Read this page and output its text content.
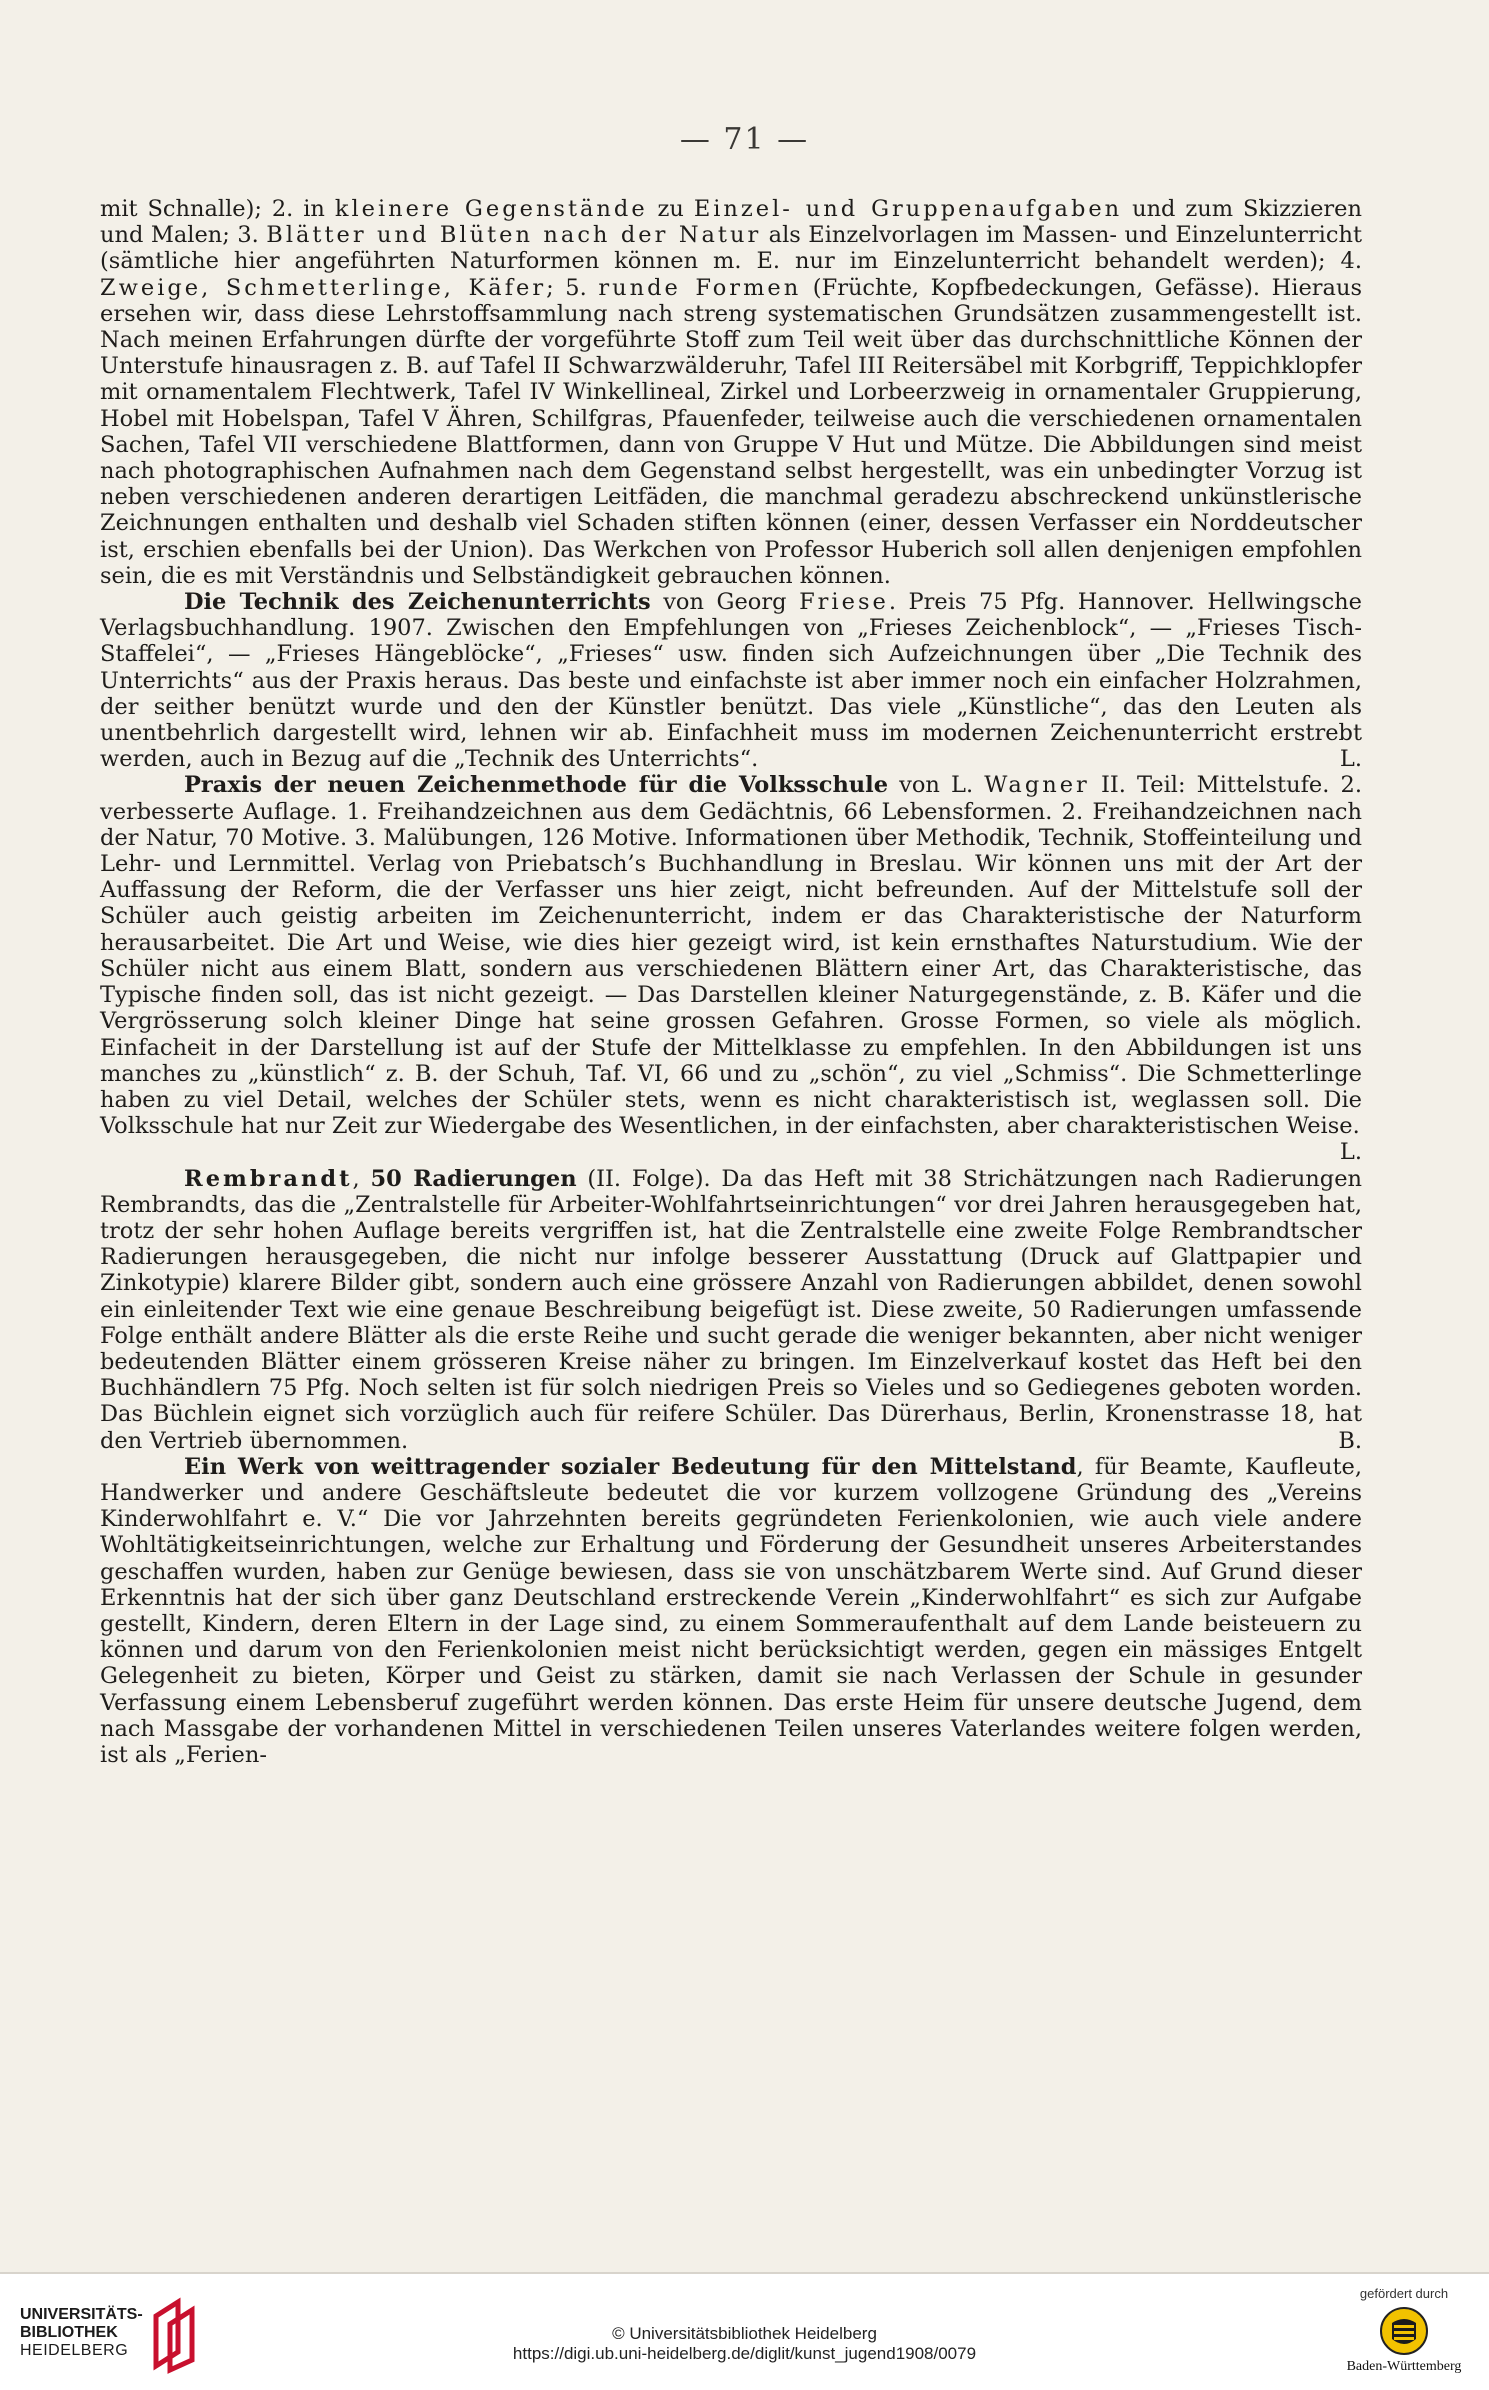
— 71 —

mit Schnalle); 2. in kleinere Gegenstände zu Einzel- und Gruppenaufgaben und zum Skizzieren und Malen; 3. Blätter und Blüten nach der Natur als Einzelvorlagen im Massen- und Einzelunterricht (sämtliche hier angeführten Naturformen können m. E. nur im Einzelunterricht behandelt werden); 4. Zweige, Schmetterlinge, Käfer; 5. runde Formen (Früchte, Kopfbedeckungen, Gefässe). Hieraus ersehen wir, dass diese Lehrstoffsammlung nach streng systematischen Grundsätzen zusammengestellt ist. Nach meinen Erfahrungen dürfte der vorgeführte Stoff zum Teil weit über das durchschnittliche Können der Unterstufe hinausragen z. B. auf Tafel II Schwarzwälderuhr, Tafel III Reitersäbel mit Korbgriff, Teppichklopfer mit ornamentalem Flechtwerk, Tafel IV Winkellineal, Zirkel und Lorbeerzweig in ornamentaler Gruppierung, Hobel mit Hobelspan, Tafel V Ähren, Schilfgras, Pfauenfeder, teilweise auch die verschiedenen ornamentalen Sachen, Tafel VII verschiedene Blattformen, dann von Gruppe V Hut und Mütze. Die Abbildungen sind meist nach photographischen Aufnahmen nach dem Gegenstand selbst hergestellt, was ein unbedingter Vorzug ist neben verschiedenen anderen derartigen Leitfäden, die manchmal geradezu abschreckend unkünstlerische Zeichnungen enthalten und deshalb viel Schaden stiften können (einer, dessen Verfasser ein Norddeutscher ist, erschien ebenfalls bei der Union). Das Werkchen von Professor Huberich soll allen denjenigen empfohlen sein, die es mit Verständnis und Selbständigkeit gebrauchen können.

Die Technik des Zeichenunterrichts von Georg Friese. Preis 75 Pfg. Hannover. Hellwingsche Verlagsbuchhandlung. 1907. Zwischen den Empfehlungen von „Frieses Zeichenblock“, — „Frieses Tisch-Staffelei“, — „Frieses Hängeblöcke“, „Frieses“ usw. finden sich Aufzeichnungen über „Die Technik des Unterrichts“ aus der Praxis heraus. Das beste und einfachste ist aber immer noch ein einfacher Holzrahmen, der seither benützt wurde und den der Künstler benützt. Das viele „Künstliche“, das den Leuten als unentbehrlich dargestellt wird, lehnen wir ab. Einfachheit muss im modernen Zeichenunterricht erstrebt werden, auch in Bezug auf die „Technik des Unterrichts“.	L.

Praxis der neuen Zeichenmethode für die Volksschule von L. Wagner II. Teil: Mittelstufe. 2. verbesserte Auflage. 1. Freihandzeichnen aus dem Gedächtnis, 66 Lebensformen. 2. Freihandzeichnen nach der Natur, 70 Motive. 3. Malübungen, 126 Motive. Informationen über Methodik, Technik, Stoffeinteilung und Lehr- und Lernmittel. Verlag von Priebatsch’s Buchhandlung in Breslau. Wir können uns mit der Art der Auffassung der Reform, die der Verfasser uns hier zeigt, nicht befreunden. Auf der Mittelstufe soll der Schüler auch geistig arbeiten im Zeichenunterricht, indem er das Charakteristische der Naturform herausarbeitet. Die Art und Weise, wie dies hier gezeigt wird, ist kein ernsthaftes Naturstudium. Wie der Schüler nicht aus einem Blatt, sondern aus verschiedenen Blättern einer Art, das Charakteristische, das Typische finden soll, das ist nicht gezeigt. — Das Darstellen kleiner Naturgegenstände, z. B. Käfer und die Vergrösserung solch kleiner Dinge hat seine grossen Gefahren. Grosse Formen, so viele als möglich. Einfacheit in der Darstellung ist auf der Stufe der Mittelklasse zu empfehlen. In den Abbildungen ist uns manches zu „künstlich“ z. B. der Schuh, Taf. VI, 66 und zu „schön“, zu viel „Schmiss“. Die Schmetterlinge haben zu viel Detail, welches der Schüler stets, wenn es nicht charakteristisch ist, weglassen soll. Die Volksschule hat nur Zeit zur Wiedergabe des Wesentlichen, in der einfachsten, aber charakteristischen Weise.
L.

Rembrandt, 50 Radierungen (II. Folge). Da das Heft mit 38 Strichätzungen nach Radierungen Rembrandts, das die „Zentralstelle für Arbeiter-Wohlfahrtseinrichtungen“ vor drei Jahren herausgegeben hat, trotz der sehr hohen Auflage bereits vergriffen ist, hat die Zentralstelle eine zweite Folge Rembrandtscher Radierungen herausgegeben, die nicht nur infolge besserer Ausstattung (Druck auf Glattpapier und Zinkotypie) klarere Bilder gibt, sondern auch eine grössere Anzahl von Radierungen abbildet, denen sowohl ein einleitender Text wie eine genaue Beschreibung beigefügt ist. Diese zweite, 50 Radierungen umfassende Folge enthält andere Blätter als die erste Reihe und sucht gerade die weniger bekannten, aber nicht weniger bedeutenden Blätter einem grösseren Kreise näher zu bringen. Im Einzelverkauf kostet das Heft bei den Buchhändlern 75 Pfg. Noch selten ist für solch niedrigen Preis so Vieles und so Gediegenes geboten worden. Das Büchlein eignet sich vorzüglich auch für reifere Schüler. Das Dürerhaus, Berlin, Kronenstrasse 18, hat den Vertrieb übernommen.	B.

Ein Werk von weittragender sozialer Bedeutung für den Mittelstand, für Beamte, Kaufleute, Handwerker und andere Geschäftsleute bedeutet die vor kurzem vollzogene Gründung des „Vereins Kinderwohlfahrt e. V.“ Die vor Jahrzehnten bereits gegründeten Ferienkolonien, wie auch viele andere Wohltätigkeitseinrichtungen, welche zur Erhaltung und Förderung der Gesundheit unseres Arbeiterstandes geschaffen wurden, haben zur Genüge bewiesen, dass sie von unschätzbarem Werte sind. Auf Grund dieser Erkenntnis hat der sich über ganz Deutschland erstreckende Verein „Kinderwohlfahrt“ es sich zur Aufgabe gestellt, Kindern, deren Eltern in der Lage sind, zu einem Sommeraufenthalt auf dem Lande beisteuern zu können und darum von den Ferienkolonien meist nicht berücksichtigt werden, gegen ein mässiges Entgelt Gelegenheit zu bieten, Körper und Geist zu stärken, damit sie nach Verlassen der Schule in gesunder Verfassung einem Lebensberuf zugeführt werden können. Das erste Heim für unsere deutsche Jugend, dem nach Massgabe der vorhandenen Mittel in verschiedenen Teilen unseres Vaterlandes weitere folgen werden, ist als „Ferien-

UNIVERSITÄTS-
BIBLIOTHEK
HEIDELBERG
© Universitätsbibliothek Heidelberg
https://digi.ub.uni-heidelberg.de/diglit/kunst_jugend1908/0079
gefördert durch
Baden-Württemberg
